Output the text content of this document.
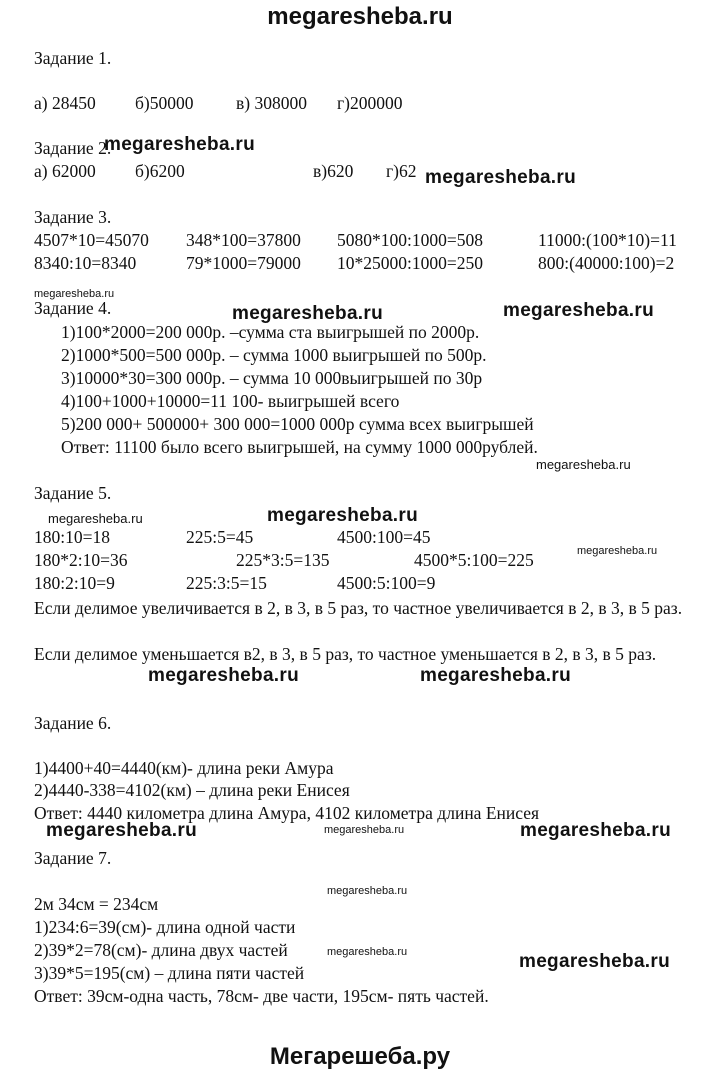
megaresheba.ru
Задание 1.
а) 28450 б)50000 в) 308000 г)200000
Задание 2.
megaresheba.ru
а) 62000 б)6200	в)620 г)62 megaresheba.ru
Задание 3.
4507*10=45070 348*100=37800 5080*100:1000=508	11000:(100*10)=11
8340:10=8340	79*1000=79000 10*25000:1000=250	800:(40000:100)=2
megaresheba.ru
Задание 4.	megaresheba.ru	megaresheba.ru
1)100*2000=200 000р. –сумма ста выигрышей по 2000р.
2)1000*500=500 000р. – сумма 1000 выигрышей по 500р.
3)10000*30=300 000р. – сумма 10 000выигрышей по 30р
4)100+1000+10000=11 100- выигрышей всего
5)200 000+ 500000+ 300 000=1000 000р сумма всех выигрышей
Ответ: 11100 было всего выигрышей, на сумму 1000 000рублей.
megaresheba.ru
Задание 5.
megaresheba.ru
megaresheba.ru
180:10=18	225:5=45	4500:100=45
180*2:10=36	225*3:5=135	4500*5:100=225	megaresheba.ru
180:2:10=9	225:3:5=15	4500:5:100=9
Если делимое увеличивается в 2, в 3, в 5 раз, то частное увеличивается в 2, в 3, в 5 раз.
Если делимое уменьшается в2, в 3, в 5 раз, то частное уменьшается в 2, в 3, в 5 раз.
megaresheba.ru	megaresheba.ru
Задание 6.
1)4400+40=4440(км)- длина реки Амура
2)4440-338=4102(км) – длина реки Енисея
Ответ: 4440 километра длина Амура, 4102 километра длина Енисея
megaresheba.ru	megaresheba.ru	megaresheba.ru
Задание 7.
megaresheba.ru
2м 34см = 234см
1)234:6=39(см)- длина одной части
2)39*2=78(см)- длина двух частей	megaresheba.ru	megaresheba.ru
3)39*5=195(см) – длина пяти частей
Ответ: 39см-одна часть, 78см- две части, 195см- пять частей.
Мегарешеба.ру
